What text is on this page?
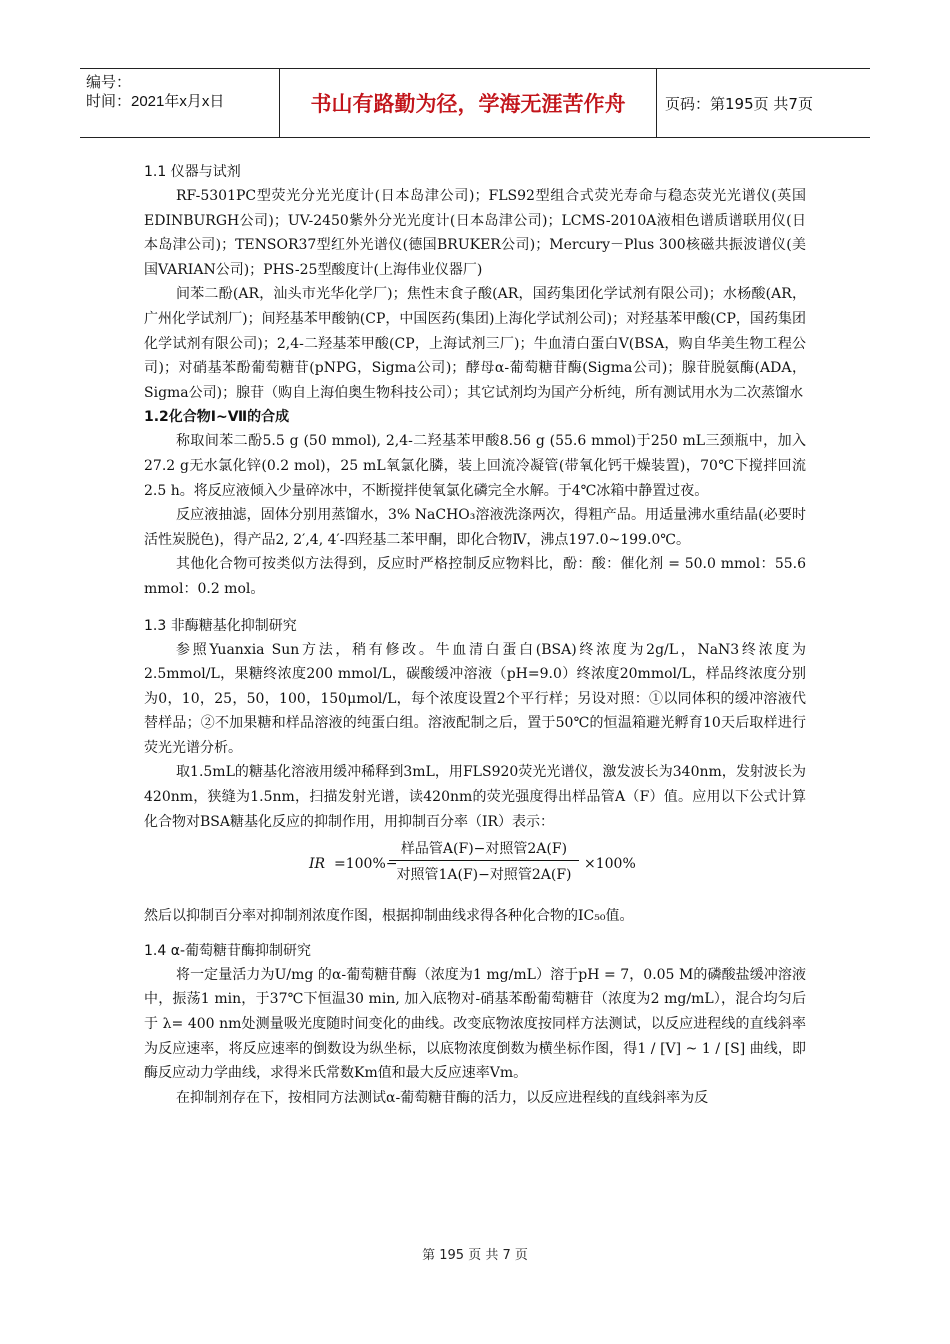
编号：
时间：2021年x月x日	书山有路勤为径，学海无涯苦作舟	页码：第195页 共7页
1.1 仪器与试剂

RF-5301PC型荧光分光光度计(日本岛津公司)；FLS92型组合式荧光寿命与稳态荧光光谱仪(英国EDINBURGH公司)；UV-2450紫外分光光度计(日本岛津公司)；LCMS-2010A液相色谱质谱联用仪(日本岛津公司)；TENSOR37型红外光谱仪(德国BRUKER公司)；Mercury－Plus 300核磁共振波谱仪(美国VARIAN公司)；PHS-25型酸度计(上海伟业仪器厂)

间苯二酚(AR，汕头市光华化学厂)；焦性末食子酸(AR，国药集团化学试剂有限公司)；水杨酸(AR，广州化学试剂厂)；间羟基苯甲酸钠(CP，中国医药(集团)上海化学试剂公司)；对羟基苯甲酸(CP，国药集团化学试剂有限公司)；2,4-二羟基苯甲酸(CP，上海试剂三厂)；牛血清白蛋白V(BSA，购自华美生物工程公司)；对硝基苯酚葡萄糖苷(pNPG，Sigma公司)；酵母α-葡萄糖苷酶(Sigma公司)；腺苷脱氨酶(ADA，Sigma公司)；腺苷（购自上海伯奥生物科技公司）；其它试剂均为国产分析纯，所有测试用水为二次蒸馏水

1.2化合物Ⅰ~Ⅶ的合成

称取间苯二酚5.5 g (50 mmol), 2,4-二羟基苯甲酸8.56 g (55.6 mmol)于250 mL三颈瓶中，加入27.2 g无水氯化锌(0.2 mol)，25 mL氧氯化膦，装上回流冷凝管(带氧化钙干燥装置)，70℃下搅拌回流2.5 h。将反应液倾入少量碎冰中，不断搅拌使氧氯化磷完全水解。于4℃冰箱中静置过夜。

反应液抽滤，固体分别用蒸馏水，3% NaCHO₃溶液洗涤两次，得粗产品。用适量沸水重结晶(必要时活性炭脱色)，得产品2, 2′,4, 4′-四羟基二苯甲酮，即化合物Ⅳ，沸点197.0~199.0℃。

其他化合物可按类似方法得到，反应时严格控制反应物料比，酚：酸：催化剂 = 50.0 mmol：55.6 mmol：0.2 mol。

1.3 非酶糖基化抑制研究

参照Yuanxia Sun方法，稍有修改。牛血清白蛋白(BSA)终浓度为2g/L，NaN3终浓度为2.5mmol/L，果糖终浓度200 mmol/L，碳酸缓冲溶液（pH=9.0）终浓度20mmol/L，样品终浓度分别为0，10，25，50，100，150μmol/L，每个浓度设置2个平行样；另设对照：①以同体积的缓冲溶液代替样品；②不加果糖和样品溶液的纯蛋白组。溶液配制之后，置于50℃的恒温箱避光孵育10天后取样进行荧光光谱分析。

取1.5mL的糖基化溶液用缓冲稀释到3mL，用FLS920荧光光谱仪，激发波长为340nm，发射波长为420nm，狭缝为1.5nm，扫描发射光谱，读420nm的荧光强度得出样品管A（F）值。应用以下公式计算化合物对BSA糖基化反应的抑制作用，用抑制百分率（IR）表示：

IR =100%−
样品管A(F)−对照管2A(F)
对照管1A(F)−对照管2A(F)
×100%

然后以抑制百分率对抑制剂浓度作图，根据抑制曲线求得各种化合物的IC₅₀值。

1.4 α-葡萄糖苷酶抑制研究

将一定量活力为U/mg 的α-葡萄糖苷酶（浓度为1 mg/mL）溶于pH = 7，0.05 M的磷酸盐缓冲溶液中，振荡1 min，于37℃下恒温30 min, 加入底物对-硝基苯酚葡萄糖苷（浓度为2 mg/mL），混合均匀后于 λ= 400 nm处测量吸光度随时间变化的曲线。改变底物浓度按同样方法测试，以反应进程线的直线斜率为反应速率，将反应速率的倒数设为纵坐标，以底物浓度倒数为横坐标作图，得1 / [V] ~ 1 / [S] 曲线，即酶反应动力学曲线，求得米氏常数Km值和最大反应速率Vm。

在抑制剂存在下，按相同方法测试α-葡萄糖苷酶的活力，以反应进程线的直线斜率为反

第 195 页 共 7 页
